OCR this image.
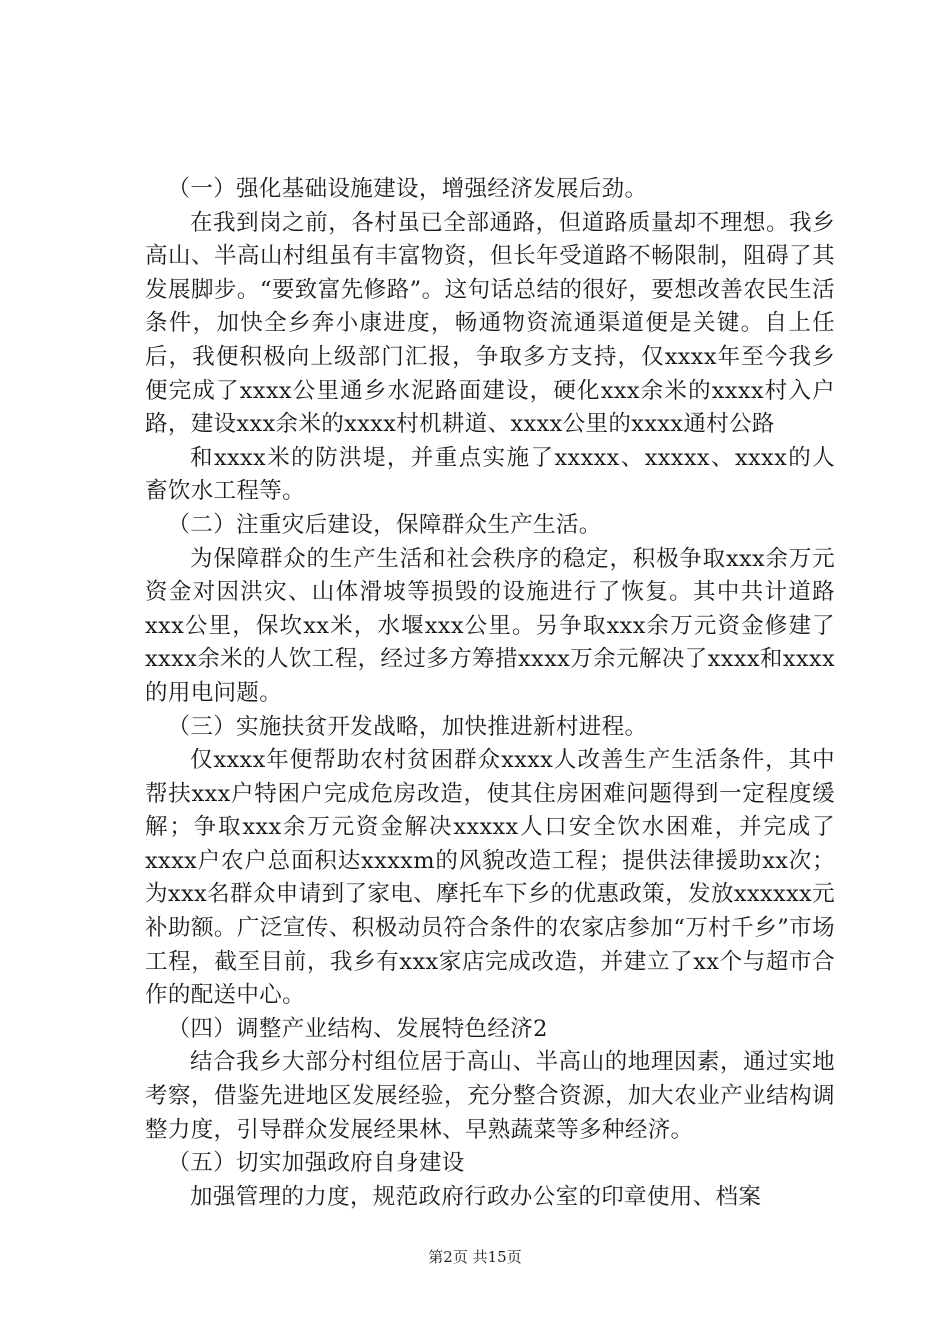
（一）强化基础设施建设，增强经济发展后劲。

在我到岗之前，各村虽已全部通路，但道路质量却不理想。我乡高山、半高山村组虽有丰富物资，但长年受道路不畅限制，阻碍了其发展脚步。“要致富先修路”。这句话总结的很好，要想改善农民生活条件，加快全乡奔小康进度，畅通物资流通渠道便是关键。自上任后，我便积极向上级部门汇报，争取多方支持，仅xxxx年至今我乡便完成了xxxx公里通乡水泥路面建设，硬化xxx余米的xxxx村入户路，建设xxx余米的xxxx村机耕道、xxxx公里的xxxx通村公路

和xxxx米的防洪堤，并重点实施了xxxxx、xxxxx、xxxx的人畜饮水工程等。

（二）注重灾后建设，保障群众生产生活。

为保障群众的生产生活和社会秩序的稳定，积极争取xxx余万元资金对因洪灾、山体滑坡等损毁的设施进行了恢复。其中共计道路xxx公里，保坎xx米，水堰xxx公里。另争取xxx余万元资金修建了xxxx余米的人饮工程，经过多方筹措xxxx万余元解决了xxxx和xxxx的用电问题。

（三）实施扶贫开发战略，加快推进新村进程。

仅xxxx年便帮助农村贫困群众xxxx人改善生产生活条件，其中帮扶xxx户特困户完成危房改造，使其住房困难问题得到一定程度缓解；争取xxx余万元资金解决xxxxx人口安全饮水困难，并完成了xxxx户农户总面积达xxxxm的风貌改造工程；提供法律援助xx次；为xxx名群众申请到了家电、摩托车下乡的优惠政策，发放xxxxxx元补助额。广泛宣传、积极动员符合条件的农家店参加“万村千乡”市场工程，截至目前，我乡有xxx家店完成改造，并建立了xx个与超市合作的配送中心。

（四）调整产业结构、发展特色经济2

结合我乡大部分村组位居于高山、半高山的地理因素，通过实地考察，借鉴先进地区发展经验，充分整合资源，加大农业产业结构调整力度，引导群众发展经果林、早熟蔬菜等多种经济。

（五）切实加强政府自身建设

加强管理的力度，规范政府行政办公室的印章使用、档案

第2页 共15页
